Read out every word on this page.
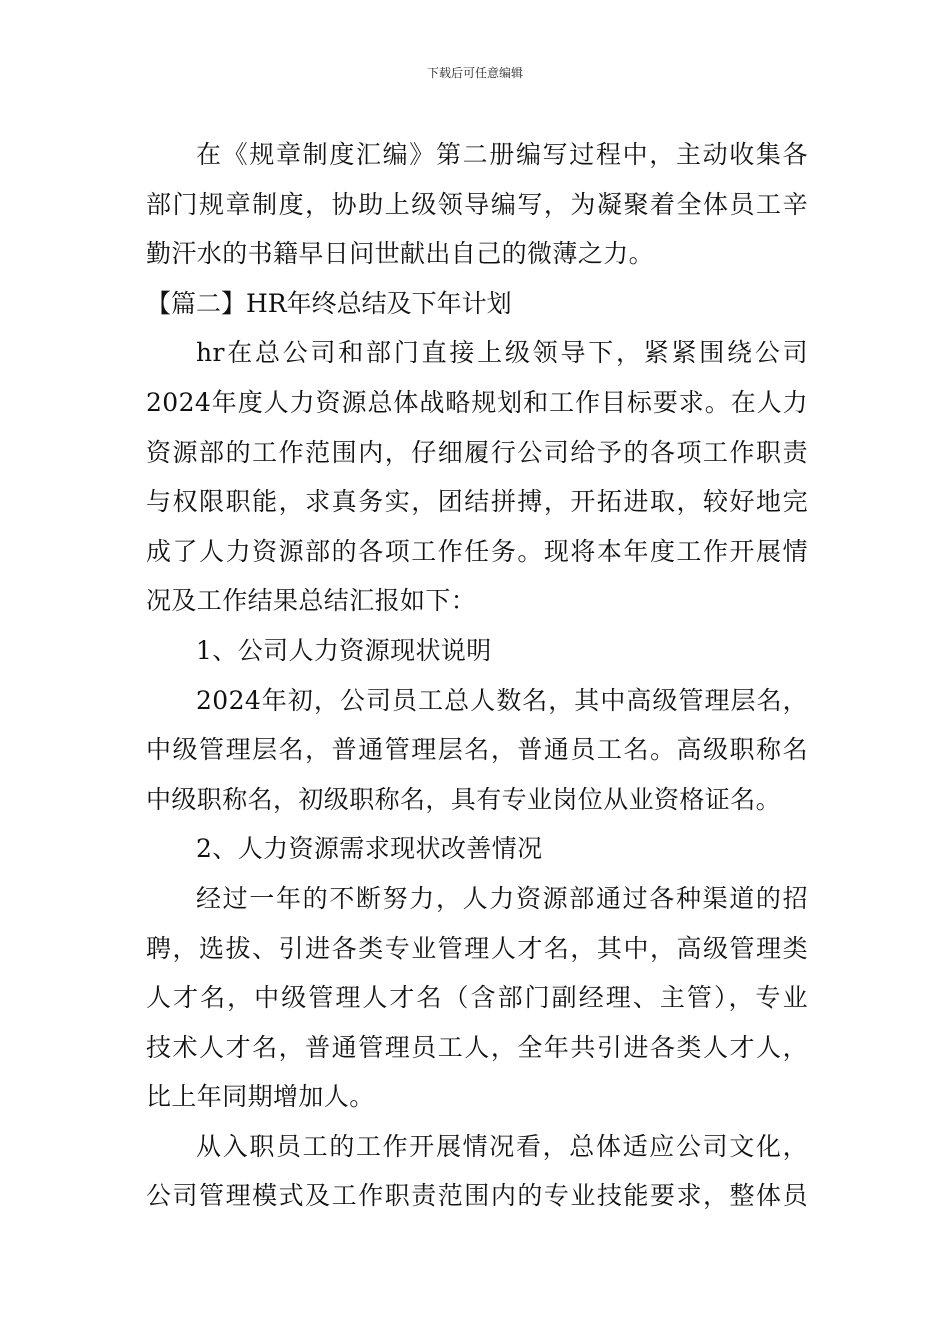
下载后可任意编辑
在《规章制度汇编》第二册编写过程中，主动收集各
部门规章制度，协助上级领导编写，为凝聚着全体员工辛
勤汗水的书籍早日问世献出自己的微薄之力。
【篇二】HR年终总结及下年计划
hr在总公司和部门直接上级领导下，紧紧围绕公司
2024年度人力资源总体战略规划和工作目标要求。在人力
资源部的工作范围内，仔细履行公司给予的各项工作职责
与权限职能，求真务实，团结拼搏，开拓进取，较好地完
成了人力资源部的各项工作任务。现将本年度工作开展情
况及工作结果总结汇报如下：
1、公司人力资源现状说明
2024年初，公司员工总人数名，其中高级管理层名，
中级管理层名，普通管理层名，普通员工名。高级职称名
中级职称名，初级职称名，具有专业岗位从业资格证名。
2、人力资源需求现状改善情况
经过一年的不断努力，人力资源部通过各种渠道的招
聘，选拔、引进各类专业管理人才名，其中，高级管理类
人才名，中级管理人才名（含部门副经理、主管），专业
技术人才名，普通管理员工人，全年共引进各类人才人，
比上年同期增加人。
从入职员工的工作开展情况看，总体适应公司文化，
公司管理模式及工作职责范围内的专业技能要求，整体员
